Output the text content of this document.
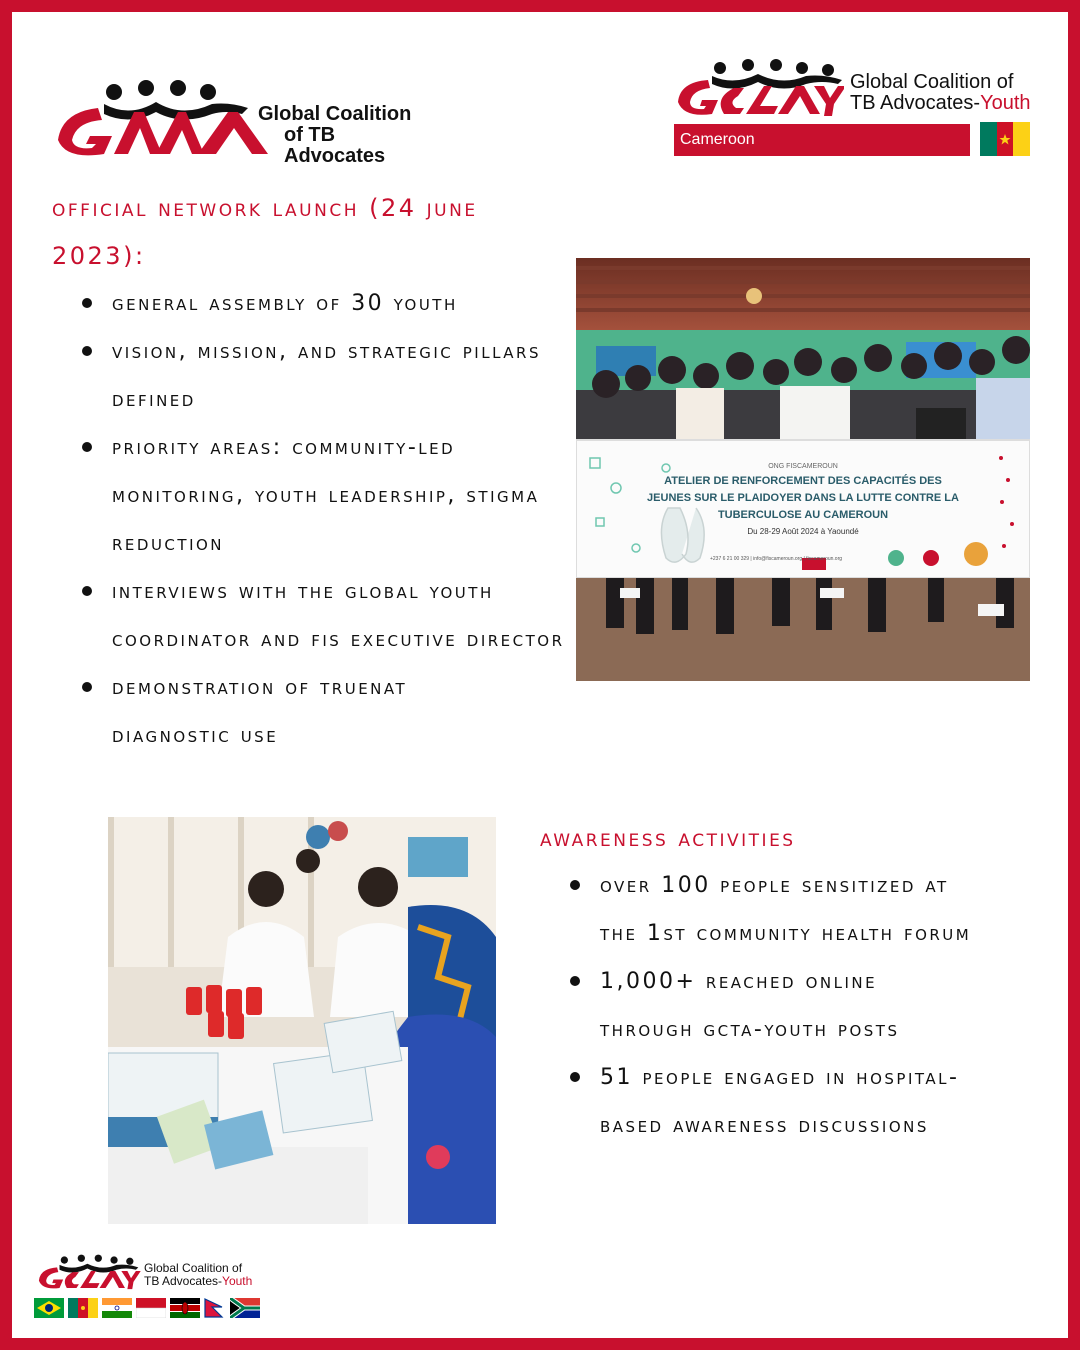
Global Coalition
of TB Advocates
Global Coalition of
TB Advocates-Youth
Cameroon
official network launch (24 june 2023):
general assembly of 30 youth
vision, mission, and strategic pillars defined
priority areas: community-led monitoring, youth leadership, stigma reduction
interviews with the global youth coordinator and fis executive director
demonstration of truenat diagnostic use
ONG FISCAMEROUN
ATELIER DE RENFORCEMENT DES CAPACITÉS DES
JEUNES SUR LE PLAIDOYER DANS LA LUTTE CONTRE LA
TUBERCULOSE AU CAMEROUN
Du 28-29 Août 2024 à Yaoundé
+237 6 21 00 329 | info@fiscameroun.org | fiscameroun.org
awareness activities
over 100 people sensitized at the 1st community health forum
1,000+ reached online through gcta-youth posts
51 people engaged in hospital-based awareness discussions
Global Coalition of
TB Advocates-Youth
